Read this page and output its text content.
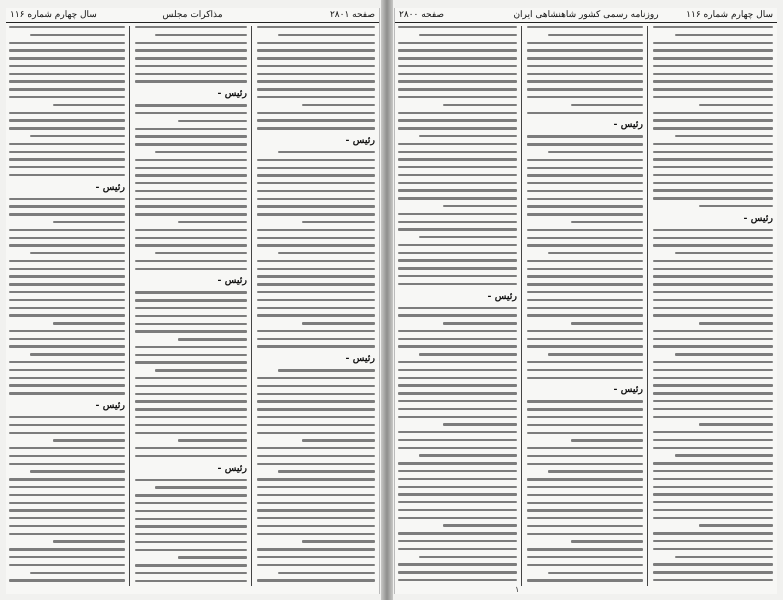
صفحه ۲۸۰۱
مذاکرات مجلس
سال چهارم شماره ۱۱۶
رئیس -
رئیس -
رئیس -
رئیس -
رئیس -
رئیس -
رئیس -
سال چهارم شماره ۱۱۶
روزنامه رسمی کشور شاهنشاهی ایران
صفحه ۲۸۰۰
رئیس -
رئیس -
رئیس -
رئیس -
۱
